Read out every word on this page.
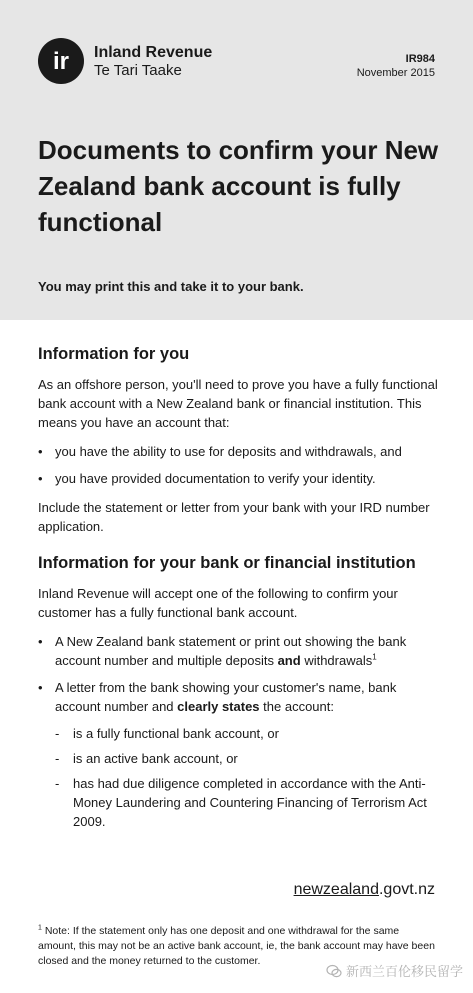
ir Inland Revenue
Te Tari Taake
IR984
November 2015
Documents to confirm your New Zealand bank account is fully functional
You may print this and take it to your bank.
Information for you

As an offshore person, you'll need to prove you have a fully functional bank account with a New Zealand bank or financial institution. This means you have an account that:

• you have the ability to use for deposits and withdrawals, and
• you have provided documentation to verify your identity.

Include the statement or letter from your bank with your IRD number application.

Information for your bank or financial institution

Inland Revenue will accept one of the following to confirm your customer has a fully functional bank account.

• A New Zealand bank statement or print out showing the bank account number and multiple deposits and withdrawals$^1$
• A letter from the bank showing your customer's name, bank account number and clearly states the account:
- is a fully functional bank account, or
- is an active bank account, or
- has had due diligence completed in accordance with the Anti-Money Laundering and Countering Financing of Terrorism Act 2009.
newzealand.govt.nz
$^1$ Note: If the statement only has one deposit and one withdrawal for the same amount, this may not be an active bank account, ie, the bank account may have been closed and the money returned to the customer.
新西兰百伦移民留学
